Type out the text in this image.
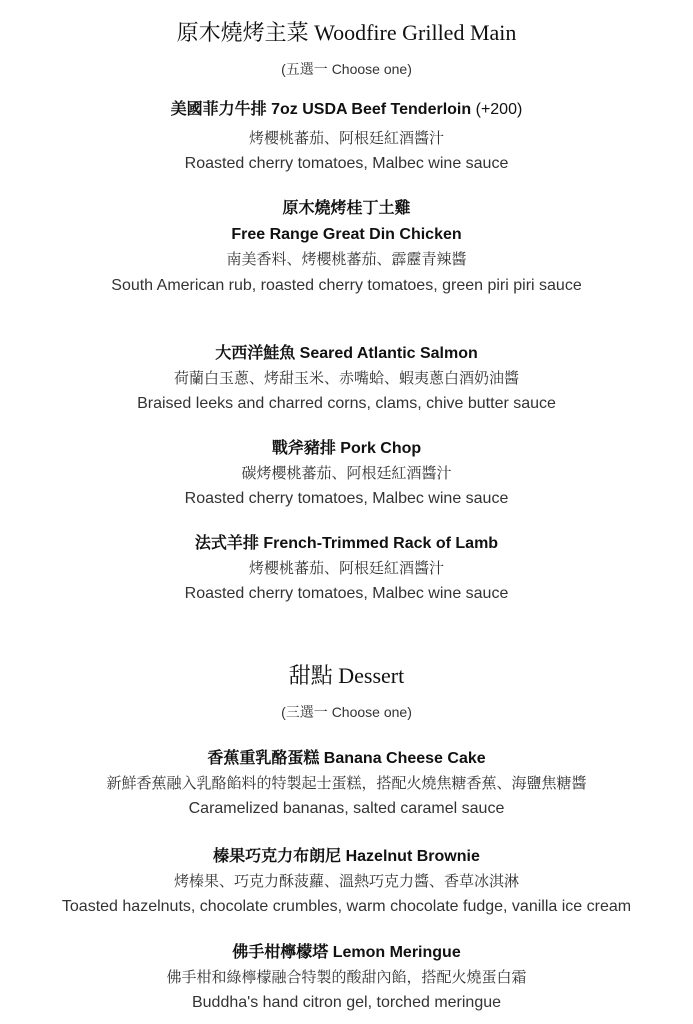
原木燒烤主菜 Woodfire Grilled Main
(五選一 Choose one)
美國菲力牛排 7oz USDA Beef Tenderloin (+200)
烤櫻桃蕃茄、阿根廷紅酒醬汁
Roasted cherry tomatoes, Malbec wine sauce
原木燒烤桂丁土雞
Free Range Great Din Chicken
南美香料、烤櫻桃蕃茄、霹靂青辣醬
South American rub, roasted cherry tomatoes, green piri piri sauce
大西洋鮭魚 Seared Atlantic Salmon
荷蘭白玉蔥、烤甜玉米、赤嘴蛤、蝦夷蔥白酒奶油醬
Braised leeks and charred corns, clams, chive butter sauce
戰斧豬排 Pork Chop
碳烤櫻桃蕃茄、阿根廷紅酒醬汁
Roasted cherry tomatoes, Malbec wine sauce
法式羊排 French-Trimmed Rack of Lamb
烤櫻桃蕃茄、阿根廷紅酒醬汁
Roasted cherry tomatoes, Malbec wine sauce
甜點 Dessert
(三選一 Choose one)
香蕉重乳酪蛋糕 Banana Cheese Cake
新鮮香蕉融入乳酪餡料的特製起士蛋糕，搭配火燒焦糖香蕉、海鹽焦糖醬
Caramelized bananas, salted caramel sauce
榛果巧克力布朗尼 Hazelnut Brownie
烤榛果、巧克力酥菠蘿、溫熱巧克力醬、香草冰淇淋
Toasted hazelnuts, chocolate crumbles, warm chocolate fudge, vanilla ice cream
佛手柑檸檬塔 Lemon Meringue
佛手柑和綠檸檬融合特製的酸甜內餡，搭配火燒蛋白霜
Buddha's hand citron gel, torched meringue
